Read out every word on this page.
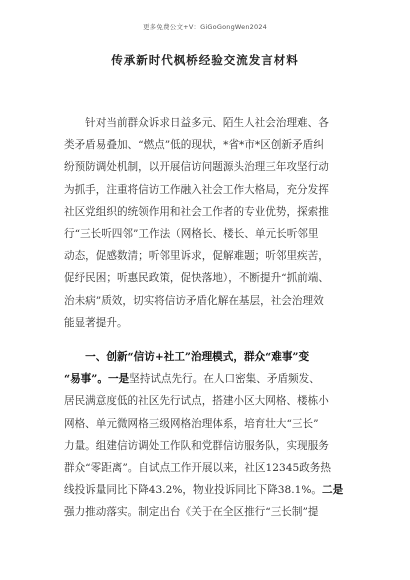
更多免费公文+V：GiGoGongWen2024
传承新时代枫桥经验交流发言材料
　　针对当前群众诉求日益多元、陌生人社会治理难、各
类矛盾易叠加、“燃点”低的现状，*省*市*区创新矛盾纠
纷预防调处机制，以开展信访问题源头治理三年攻坚行动
为抓手，注重将信访工作融入社会工作大格局，充分发挥
社区党组织的统领作用和社会工作者的专业优势，探索推
行“三长听四邻”工作法（网格长、楼长、单元长听邻里
动态，促感数清；听邻里诉求，促解难题；听邻里疾苦，
促纾民困；听惠民政策，促快落地），不断提升“抓前端、
治未病”质效，切实将信访矛盾化解在基层，社会治理效
能显著提升。
　　一、创新“信访+社工”治理模式，群众“难事”变
“易事”。一是坚持试点先行。在人口密集、矛盾频发、
居民满意度低的社区先行试点，搭建小区大网格、楼栋小
网格、单元微网格三级网格治理体系，培育壮大“三长”
力量。组建信访调处工作队和党群信访服务队，实现服务
群众“零距离”。自试点工作开展以来，社区12345政务热
线投诉量同比下降43.2%，物业投诉同比下降38.1%。二是
强力推动落实。制定出台《关于在全区推行“三长制”提
